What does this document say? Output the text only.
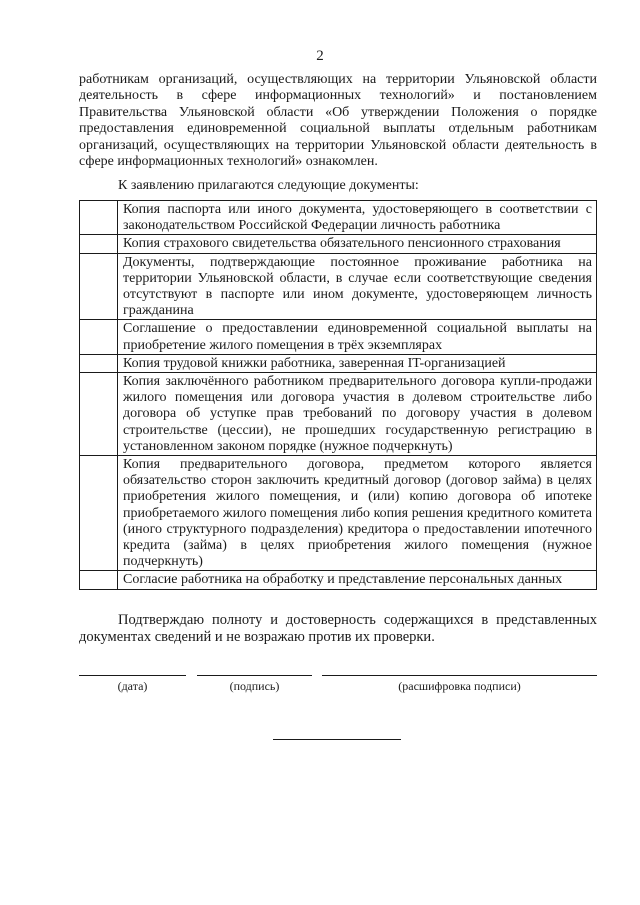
2
работникам организаций, осуществляющих на территории Ульяновской области деятельность в сфере информационных технологий» и постановлением Правительства Ульяновской области «Об утверждении Положения о порядке предоставления единовременной социальной выплаты отдельным работникам организаций, осуществляющих на территории Ульяновской области деятельность в сфере информационных технологий» ознакомлен.
К заявлению прилагаются следующие документы:
	Копия паспорта или иного документа, удостоверяющего в соответствии с законодательством Российской Федерации личность работника
	Копия страхового свидетельства обязательного пенсионного страхования
	Документы, подтверждающие постоянное проживание работника на территории Ульяновской области, в случае если соответствующие сведения отсутствуют в паспорте или ином документе, удостоверяющем личность гражданина
	Соглашение о предоставлении единовременной социальной выплаты на приобретение жилого помещения в трёх экземплярах
	Копия трудовой книжки работника, заверенная IT-организацией
	Копия заключённого работником предварительного договора купли-продажи жилого помещения или договора участия в долевом строительстве либо договора об уступке прав требований по договору участия в долевом строительстве (цессии), не прошедших государственную регистрацию в установленном законом порядке (нужное подчеркнуть)
	Копия предварительного договора, предметом которого является обязательство сторон заключить кредитный договор (договор займа) в целях приобретения жилого помещения, и (или) копию договора об ипотеке приобретаемого жилого помещения либо копия решения кредитного комитета (иного структурного подразделения) кредитора о предоставлении ипотечного кредита (займа) в целях приобретения жилого помещения (нужное подчеркнуть)
	Согласие работника на обработку и представление персональных данных
Подтверждаю полноту и достоверность содержащихся в представленных документах сведений и не возражаю против их проверки.
(дата)	(подпись)	(расшифровка подписи)
